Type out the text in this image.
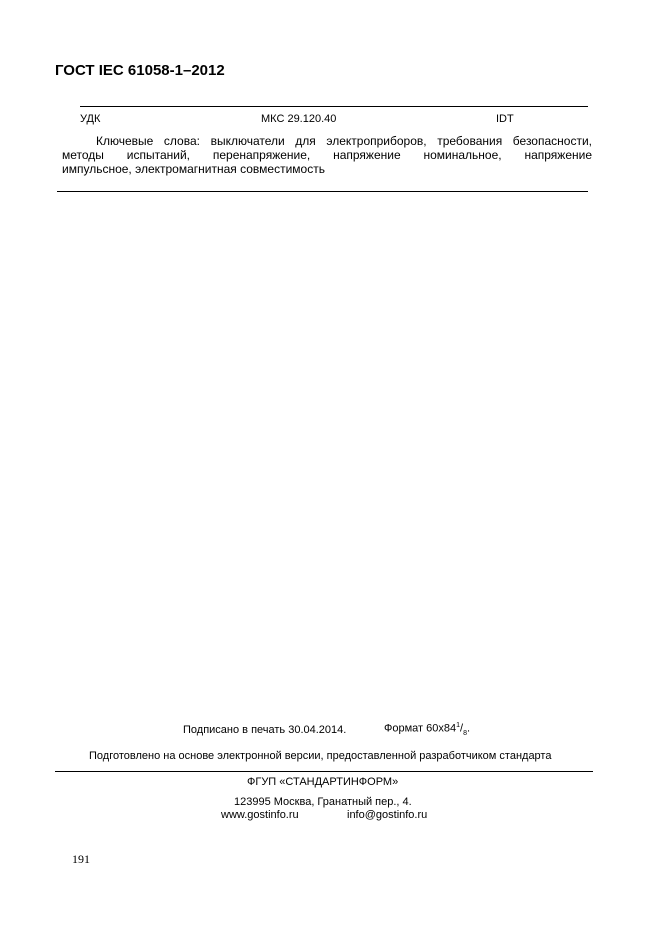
ГОСТ IEC 61058-1–2012
УДК	МКС 29.120.40	IDT
Ключевые слова: выключатели для электроприборов, требования безопасности,
методы испытаний, перенапряжение, напряжение номинальное, напряжение
импульсное, электромагнитная совместимость
Подписано в печать 30.04.2014.	Формат $60x84^1/_8$.
Подготовлено на основе электронной версии, предоставленной разработчиком стандарта
ФГУП «СТАНДАРТИНФОРМ»
123995 Москва, Гранатный пер., 4.
www.gostinfo.ru	info@gostinfo.ru
191
